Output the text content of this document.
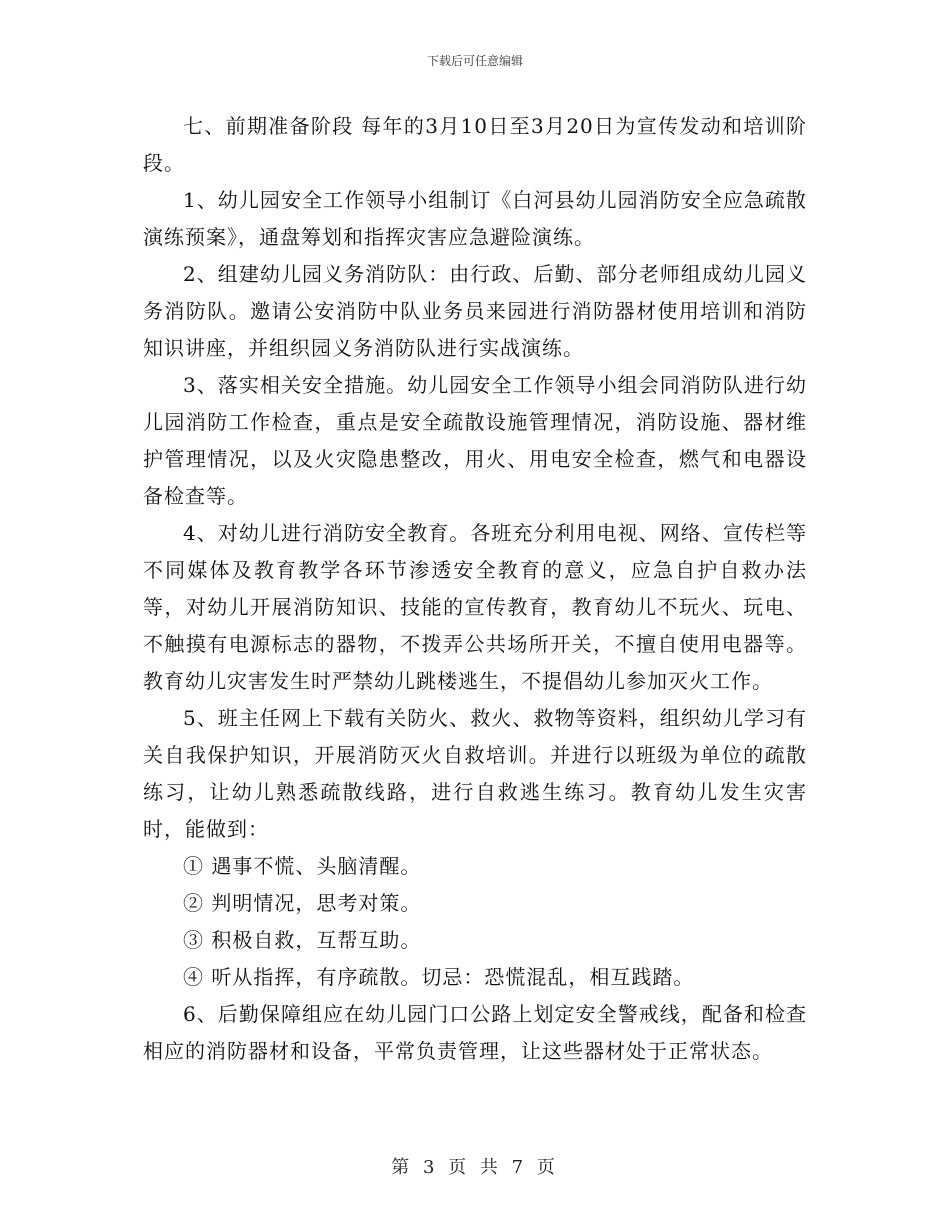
下载后可任意编辑

七、前期准备阶段 每年的3月10日至3月20日为宣传发动和培训阶段。

1、幼儿园安全工作领导小组制订《白河县幼儿园消防安全应急疏散演练预案》，通盘筹划和指挥灾害应急避险演练。

2、组建幼儿园义务消防队：由行政、后勤、部分老师组成幼儿园义务消防队。邀请公安消防中队业务员来园进行消防器材使用培训和消防知识讲座，并组织园义务消防队进行实战演练。

3、落实相关安全措施。幼儿园安全工作领导小组会同消防队进行幼儿园消防工作检查，重点是安全疏散设施管理情况，消防设施、器材维护管理情况，以及火灾隐患整改，用火、用电安全检查，燃气和电器设备检查等。

4、对幼儿进行消防安全教育。各班充分利用电视、网络、宣传栏等不同媒体及教育教学各环节渗透安全教育的意义，应急自护自救办法等，对幼儿开展消防知识、技能的宣传教育，教育幼儿不玩火、玩电、不触摸有电源标志的器物，不拨弄公共场所开关，不擅自使用电器等。教育幼儿灾害发生时严禁幼儿跳楼逃生，不提倡幼儿参加灭火工作。

5、班主任网上下载有关防火、救火、救物等资料，组织幼儿学习有关自我保护知识，开展消防灭火自救培训。并进行以班级为单位的疏散练习，让幼儿熟悉疏散线路，进行自救逃生练习。教育幼儿发生灾害时，能做到：

① 遇事不慌、头脑清醒。

② 判明情况，思考对策。

③ 积极自救，互帮互助。

④ 听从指挥，有序疏散。切忌：恐慌混乱，相互践踏。

6、后勤保障组应在幼儿园门口公路上划定安全警戒线，配备和检查相应的消防器材和设备，平常负责管理，让这些器材处于正常状态。

第 3 页 共 7 页
